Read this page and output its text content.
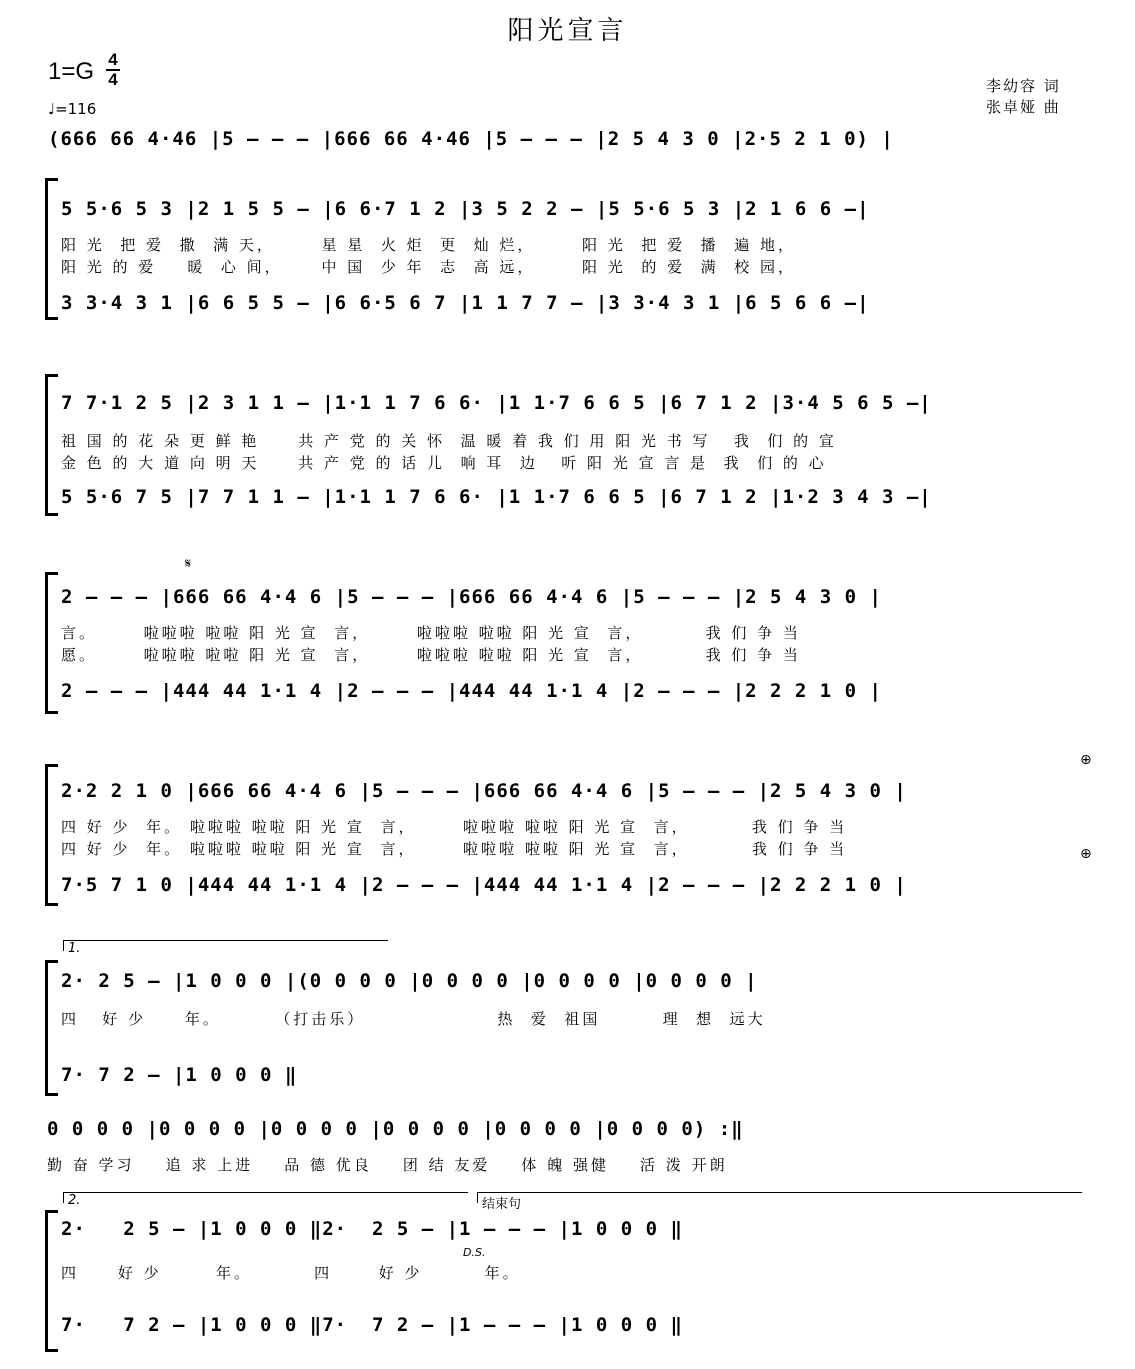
阳光宣言
1=G 4
4
♩=116
李幼容 词
张卓娅 曲
(666 66 4·46 |5 – – – |666 66 4·46 |5 – – – |2 5 4 3 0 |2·5 2 1 0) |
5 5·6 5 3 |2 1 5 5 – |6 6·7 1 2 |3 5 2 2 – |5 5·6 5 3 |2 1 6 6 –|
阳 光  把 爱  撒  满 天，      星 星  火 炬  更  灿 烂，      阳 光  把 爱  播  遍 地，
阳 光 的 爱    暖  心 间，     中 国  少 年  志  高 远，      阳 光  的 爱  满  校 园，
3 3·4 3 1 |6 6 5 5 – |6 6·5 6 7 |1 1 7 7 – |3 3·4 3 1 |6 5 6 6 –|
7 7·1 2 5 |2 3 1 1 – |1·1 1 7 6 6· |1 1·7 6 6 5 |6 7 1 2 |3·4 5 6 5 –|
祖 国 的 花 朵 更 鲜 艳     共 产 党 的 关 怀  温 暖 着 我 们 用 阳 光 书 写   我  们 的 宣
金 色 的 大 道 向 明 天     共 产 党 的 话 儿  响 耳  边   听 阳 光 宣 言 是  我  们 的 心
5 5·6 7 5 |7 7 1 1 – |1·1 1 7 6 6· |1 1·7 6 6 5 |6 7 1 2 |1·2 3 4 3 –|
𝄋
2 – – – |666 66 4·4 6 |5 – – – |666 66 4·4 6 |5 – – – |2 5 4 3 0 |
言。      啦啦啦 啦啦 阳 光 宣  言，      啦啦啦 啦啦 阳 光 宣  言，        我 们 争 当
愿。      啦啦啦 啦啦 阳 光 宣  言，      啦啦啦 啦啦 阳 光 宣  言，        我 们 争 当
2 – – – |444 44 1·1 4 |2 – – – |444 44 1·1 4 |2 – – – |2 2 2 1 0 |
⊕
2·2 2 1 0 |666 66 4·4 6 |5 – – – |666 66 4·4 6 |5 – – – |2 5 4 3 0 |
四 好 少  年。 啦啦啦 啦啦 阳 光 宣  言，      啦啦啦 啦啦 阳 光 宣  言，        我 们 争 当
四 好 少  年。 啦啦啦 啦啦 阳 光 宣  言，      啦啦啦 啦啦 阳 光 宣  言，        我 们 争 当	⊕
7·5 7 1 0 |444 44 1·1 4 |2 – – – |444 44 1·1 4 |2 – – – |2 2 2 1 0 |
1.
2· 2 5 – |1 0 0 0 |(0 0 0 0 |0 0 0 0 |0 0 0 0 |0 0 0 0 |
四   好 少     年。       （打击乐）                 热  爱  祖国        理  想  远大
7· 7 2 – |1 0 0 0 ‖
0 0 0 0 |0 0 0 0 |0 0 0 0 |0 0 0 0 |0 0 0 0 |0 0 0 0) :‖
勤 奋 学习    追 求 上进    品 德 优良    团 结 友爱    体 魄 强健    活 泼 开朗
2.	结束句
2·   2 5 – |1 0 0 0 ‖2·  2 5 – |1 – – – |1 0 0 0 ‖
D.S.
四     好 少       年。        四      好 少        年。
7·   7 2 – |1 0 0 0 ‖7·  7 2 – |1 – – – |1 0 0 0 ‖
